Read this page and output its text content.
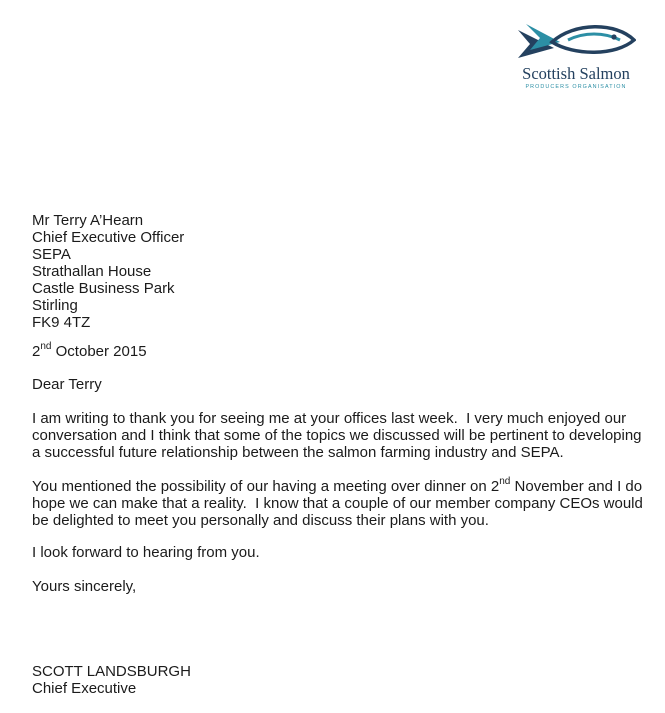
Scottish Salmon
PRODUCERS ORGANISATION
Mr Terry A’Hearn
Chief Executive Officer
SEPA
Strathallan House
Castle Business Park
Stirling
FK9 4TZ
2nd October 2015
Dear Terry
I am writing to thank you for seeing me at your offices last week.  I very much enjoyed our
conversation and I think that some of the topics we discussed will be pertinent to developing
a successful future relationship between the salmon farming industry and SEPA.
You mentioned the possibility of our having a meeting over dinner on 2nd November and I do
hope we can make that a reality.  I know that a couple of our member company CEOs would
be delighted to meet you personally and discuss their plans with you.
I look forward to hearing from you.
Yours sincerely,
SCOTT LANDSBURGH
Chief Executive
